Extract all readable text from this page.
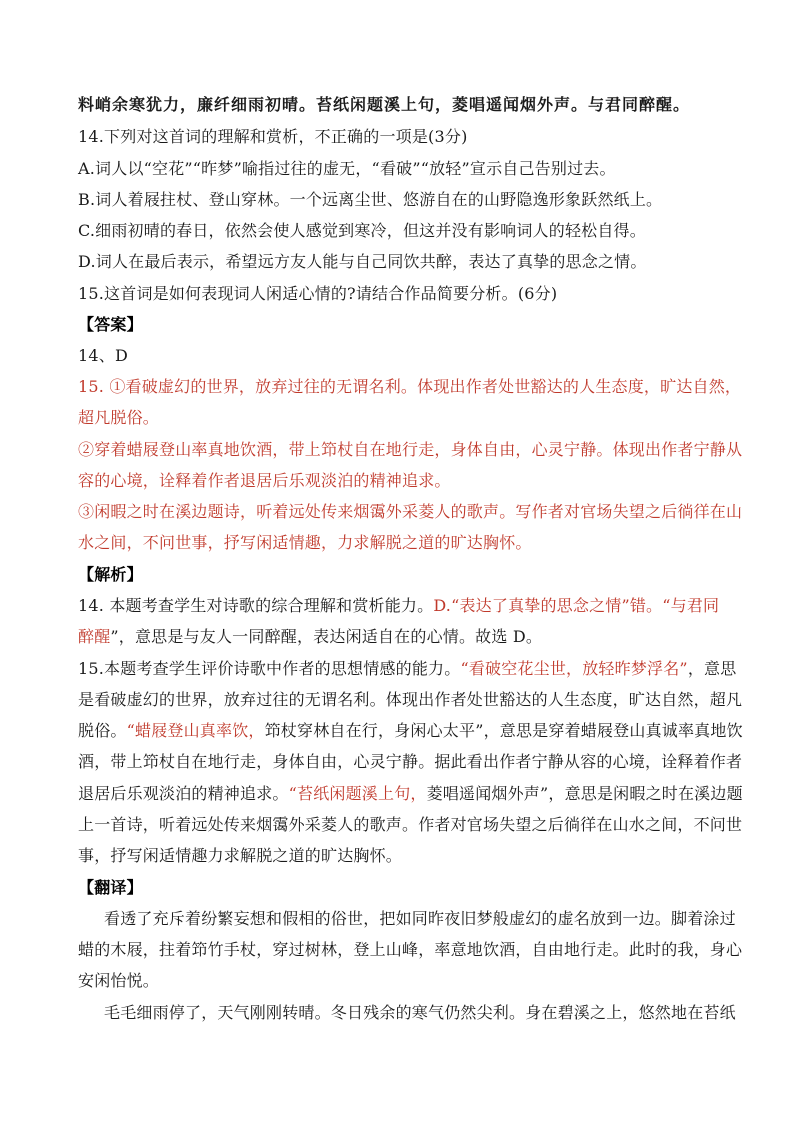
料峭余寒犹力，廉纤细雨初晴。苔纸闲题溪上句，菱唱遥闻烟外声。与君同醉醒。
14.下列对这首词的理解和赏析，不正确的一项是(3分)
A.词人以“空花”“昨梦”喻指过往的虚无，“看破”“放轻”宣示自己告别过去。
B.词人着屐拄杖、登山穿林。一个远离尘世、悠游自在的山野隐逸形象跃然纸上。
C.细雨初晴的春日，依然会使人感觉到寒冷，但这并没有影响词人的轻松自得。
D.词人在最后表示，希望远方友人能与自己同饮共醉，表达了真挚的思念之情。
15.这首词是如何表现词人闲适心情的?请结合作品简要分析。(6分)
【答案】
14、D
15. ①看破虚幻的世界，放弃过往的无谓名利。体现出作者处世豁达的人生态度，旷达自然，
超凡脱俗。
②穿着蜡屐登山率真地饮酒，带上笻杖自在地行走，身体自由，心灵宁静。体现出作者宁静从
容的心境，诠释着作者退居后乐观淡泊的精神追求。
③闲暇之时在溪边题诗，听着远处传来烟霭外采菱人的歌声。写作者对官场失望之后徜徉在山
水之间，不问世事，抒写闲适情趣，力求解脱之道的旷达胸怀。
【解析】
14. 本题考查学生对诗歌的综合理解和赏析能力。D.“表达了真挚的思念之情”错。“与君同
醉醒”，意思是与友人一同醉醒，表达闲适自在的心情。故选 D。
15.本题考查学生评价诗歌中作者的思想情感的能力。“看破空花尘世，放轻昨梦浮名”，意思
是看破虚幻的世界，放弃过往的无谓名利。体现出作者处世豁达的人生态度，旷达自然，超凡
脱俗。“蜡屐登山真率饮，笻杖穿林自在行，身闲心太平”，意思是穿着蜡屐登山真诚率真地饮
酒，带上笻杖自在地行走，身体自由，心灵宁静。据此看出作者宁静从容的心境，诠释着作者
退居后乐观淡泊的精神追求。“苔纸闲题溪上句，菱唱遥闻烟外声”，意思是闲暇之时在溪边题
上一首诗，听着远处传来烟霭外采菱人的歌声。作者对官场失望之后徜徉在山水之间，不问世
事，抒写闲适情趣力求解脱之道的旷达胸怀。
【翻译】
看透了充斥着纷繁妄想和假相的俗世，把如同昨夜旧梦般虚幻的虚名放到一边。脚着涂过
蜡的木屐，拄着笻竹手杖，穿过树林，登上山峰，率意地饮酒，自由地行走。此时的我，身心
安闲怡悦。
毛毛细雨停了，天气刚刚转晴。冬日残余的寒气仍然尖利。身在碧溪之上，悠然地在苔纸
